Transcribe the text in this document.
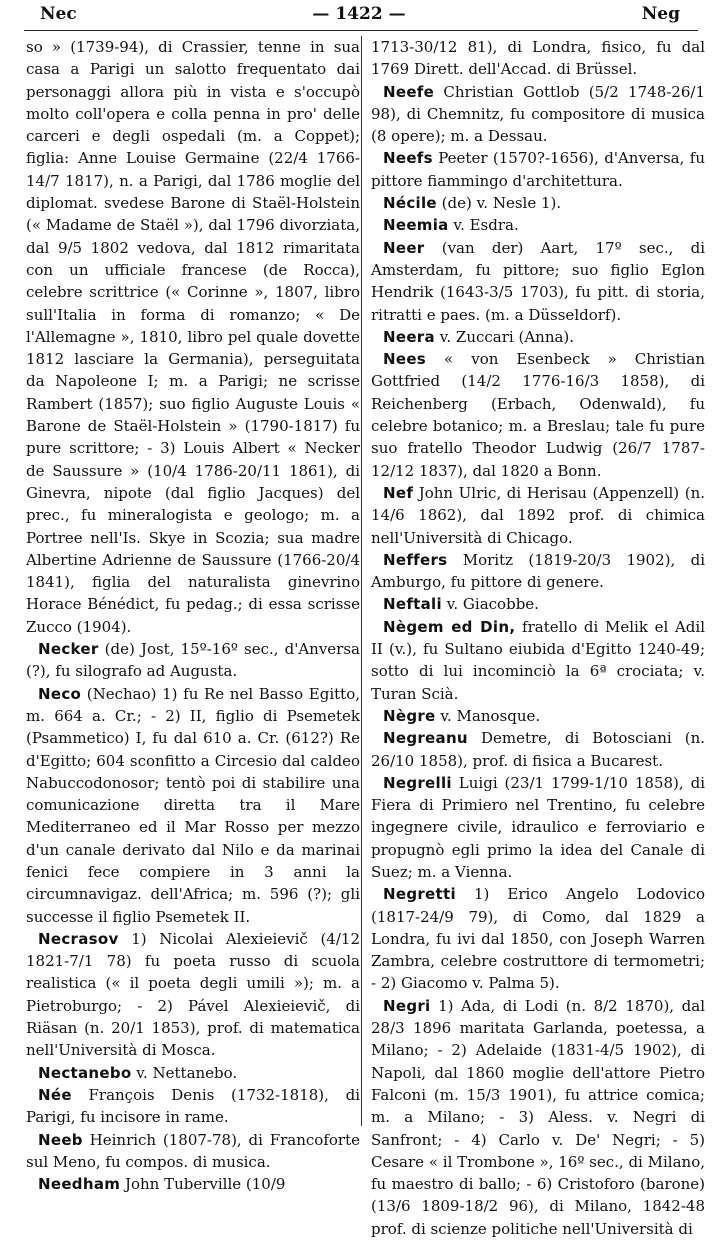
Nec	— 1422 —	Neg

so » (1739-94), di Crassier, tenne in sua casa a Parigi un salotto frequentato dai personaggi allora più in vista e s'occupò molto coll'opera e colla penna in pro' delle carceri e degli ospedali (m. a Coppet); figlia: Anne Louise Germaine (22/4 1766-14/7 1817), n. a Parigi, dal 1786 moglie del diplomat. svedese Barone di Staël-Holstein (« Madame de Staël »), dal 1796 divorziata, dal 9/5 1802 vedova, dal 1812 rimaritata con un ufficiale francese (de Rocca), celebre scrittrice (« Corinne », 1807, libro sull'Italia in forma di romanzo; « De l'Allemagne », 1810, libro pel quale dovette 1812 lasciare la Germania), perseguitata da Napoleone I; m. a Parigi; ne scrisse Rambert (1857); suo figlio Auguste Louis « Barone de Staël-Holstein » (1790-1817) fu pure scrittore; - 3) Louis Albert « Necker de Saussure » (10/4 1786-20/11 1861), di Ginevra, nipote (dal figlio Jacques) del prec., fu mineralogista e geologo; m. a Portree nell'Is. Skye in Scozia; sua madre Albertine Adrienne de Saussure (1766-20/4 1841), figlia del naturalista ginevrino Horace Bénédict, fu pedag.; di essa scrisse Zucco (1904).

Necker (de) Jost, 15º-16º sec., d'Anversa (?), fu silografo ad Augusta.

Neco (Nechao) 1) fu Re nel Basso Egitto, m. 664 a. Cr.; - 2) II, figlio di Psemetek (Psammetico) I, fu dal 610 a. Cr. (612?) Re d'Egitto; 604 sconfitto a Circesio dal caldeo Nabuccodonosor; tentò poi di stabilire una comunicazione diretta tra il Mare Mediterraneo ed il Mar Rosso per mezzo d'un canale derivato dal Nilo e da marinai fenici fece compiere in 3 anni la circumnavigaz. dell'Africa; m. 596 (?); gli successe il figlio Psemetek II.

Necrasov 1) Nicolai Alexieievič (4/12 1821-7/1 78) fu poeta russo di scuola realistica (« il poeta degli umili »); m. a Pietroburgo; - 2) Pável Alexieievič, di Riäsan (n. 20/1 1853), prof. di matematica nell'Università di Mosca.

Nectanebo v. Nettanebo.

Née François Denis (1732-1818), di Parigi, fu incisore in rame.

Neeb Heinrich (1807-78), di Francoforte sul Meno, fu compos. di musica.

Needham John Tuberville (10/9

1713-30/12 81), di Londra, fisico, fu dal 1769 Dirett. dell'Accad. di Brüssel.

Neefe Christian Gottlob (5/2 1748-26/1 98), di Chemnitz, fu compositore di musica (8 opere); m. a Dessau.

Neefs Peeter (1570?-1656), d'Anversa, fu pittore fiammingo d'architettura.

Nécile (de) v. Nesle 1).

Neemia v. Esdra.

Neer (van der) Aart, 17º sec., di Amsterdam, fu pittore; suo figlio Eglon Hendrik (1643-3/5 1703), fu pitt. di storia, ritratti e paes. (m. a Düsseldorf).

Neera v. Zuccari (Anna).

Nees « von Esenbeck » Christian Gottfried (14/2 1776-16/3 1858), di Reichenberg (Erbach, Odenwald), fu celebre botanico; m. a Breslau; tale fu pure suo fratello Theodor Ludwig (26/7 1787-12/12 1837), dal 1820 a Bonn.

Nef John Ulric, di Herisau (Appenzell) (n. 14/6 1862), dal 1892 prof. di chimica nell'Università di Chicago.

Neffers Moritz (1819-20/3 1902), di Amburgo, fu pittore di genere.

Neftali v. Giacobbe.

Nègem ed Din, fratello di Melik el Adil II (v.), fu Sultano eiubida d'Egitto 1240-49; sotto di lui incominciò la 6ª crociata; v. Turan Scià.

Nègre v. Manosque.

Negreanu Demetre, di Botosciani (n. 26/10 1858), prof. di fisica a Bucarest.

Negrelli Luigi (23/1 1799-1/10 1858), di Fiera di Primiero nel Trentino, fu celebre ingegnere civile, idraulico e ferroviario e propugnò egli primo la idea del Canale di Suez; m. a Vienna.

Negretti 1) Erico Angelo Lodovico (1817-24/9 79), di Como, dal 1829 a Londra, fu ivi dal 1850, con Joseph Warren Zambra, celebre costruttore di termometri; - 2) Giacomo v. Palma 5).

Negri 1) Ada, di Lodi (n. 8/2 1870), dal 28/3 1896 maritata Garlanda, poetessa, a Milano; - 2) Adelaide (1831-4/5 1902), di Napoli, dal 1860 moglie dell'attore Pietro Falconi (m. 15/3 1901), fu attrice comica; m. a Milano; - 3) Aless. v. Negri di Sanfront; - 4) Carlo v. De' Negri; - 5) Cesare « il Trombone », 16º sec., di Milano, fu maestro di ballo; - 6) Cristoforo (barone) (13/6 1809-18/2 96), di Milano, 1842-48 prof. di scienze politiche nell'Università di
